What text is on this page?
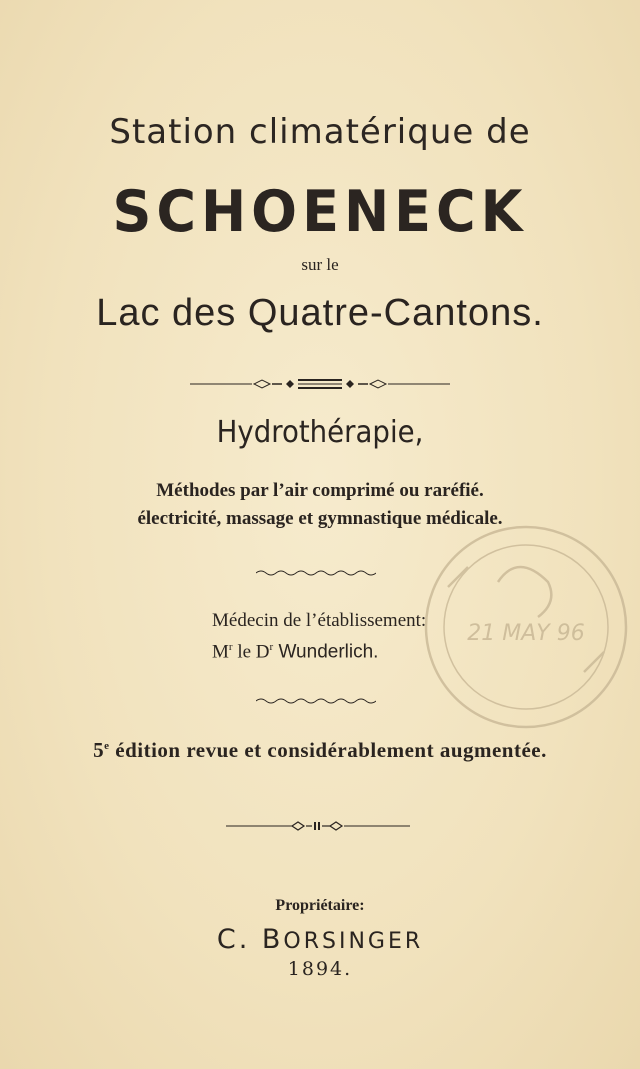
Station climatérique de
SCHOENECK
sur le
Lac des Quatre-Cantons.
Hydrothérapie,
Méthodes par l’air comprimé ou raréfié.
électricité, massage et gymnastique médicale.
21 MAY 96
Médecin de l’établissement:
$M^r$ le $D^r$ Wunderlich.
5e édition revue et considérablement augmentée.
Propriétaire:
C. BORSINGER
1894.
